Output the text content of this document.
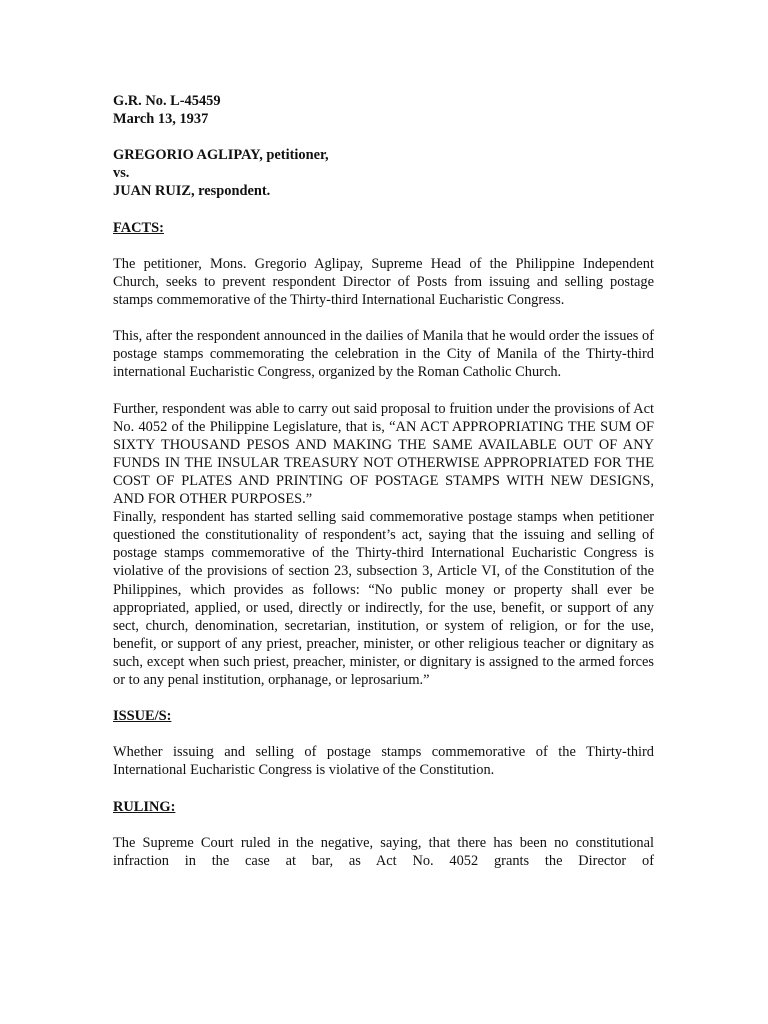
G.R. No. L-45459
March 13, 1937
GREGORIO AGLIPAY, petitioner,
vs.
JUAN RUIZ, respondent.
FACTS:

The petitioner, Mons. Gregorio Aglipay, Supreme Head of the Philippine Independent Church, seeks to prevent respondent Director of Posts from issuing and selling postage stamps commemorative of the Thirty-third International Eucharistic Congress.

This, after the respondent announced in the dailies of Manila that he would order the issues of postage stamps commemorating the celebration in the City of Manila of the Thirty-third international Eucharistic Congress, organized by the Roman Catholic Church.

Further, respondent was able to carry out said proposal to fruition under the provisions of Act No. 4052 of the Philippine Legislature, that is, “AN ACT APPROPRIATING THE SUM OF SIXTY THOUSAND PESOS AND MAKING THE SAME AVAILABLE OUT OF ANY FUNDS IN THE INSULAR TREASURY NOT OTHERWISE APPROPRIATED FOR THE COST OF PLATES AND PRINTING OF POSTAGE STAMPS WITH NEW DESIGNS, AND FOR OTHER PURPOSES.”

Finally, respondent has started selling said commemorative postage stamps when petitioner questioned the constitutionality of respondent’s act, saying that the issuing and selling of postage stamps commemorative of the Thirty-third International Eucharistic Congress is violative of the provisions of section 23, subsection 3, Article VI, of the Constitution of the Philippines, which provides as follows: “No public money or property shall ever be appropriated, applied, or used, directly or indirectly, for the use, benefit, or support of any sect, church, denomination, secretarian, institution, or system of religion, or for the use, benefit, or support of any priest, preacher, minister, or other religious teacher or dignitary as such, except when such priest, preacher, minister, or dignitary is assigned to the armed forces or to any penal institution, orphanage, or leprosarium.”

ISSUE/S:

Whether issuing and selling of postage stamps commemorative of the Thirty-third International Eucharistic Congress is violative of the Constitution.

RULING:

The Supreme Court ruled in the negative, saying, that there has been no constitutional infraction in the case at bar, as Act No. 4052 grants the Director of
